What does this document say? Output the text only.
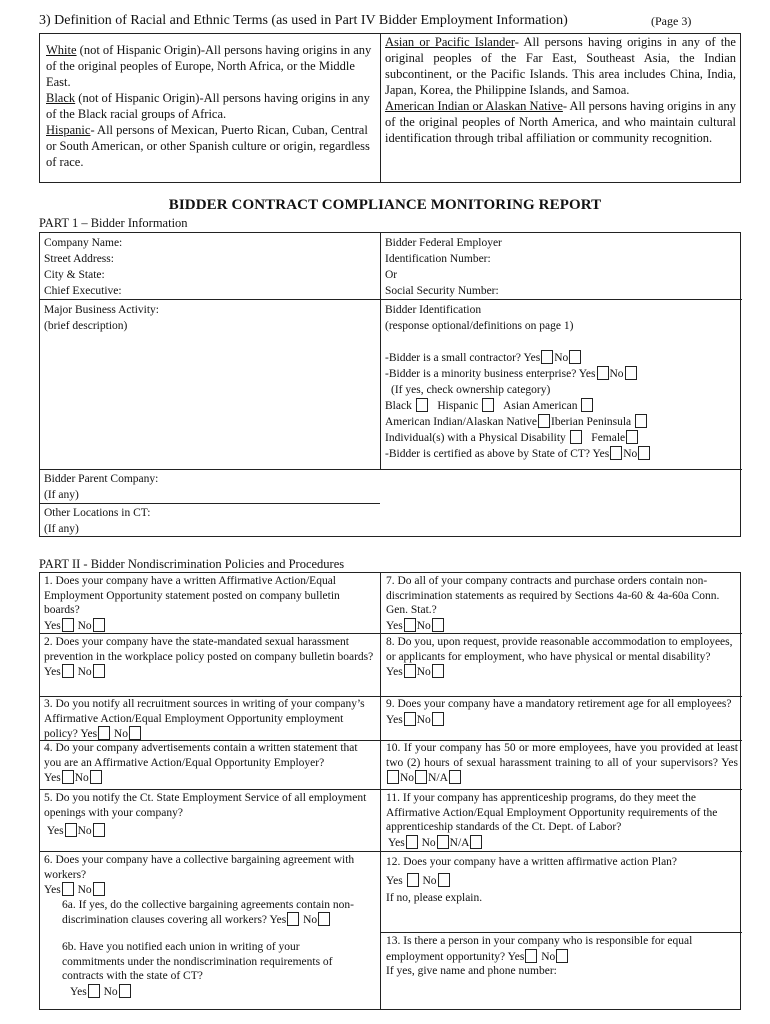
3) Definition of Racial and Ethnic Terms (as used in Part IV Bidder Employment Information)	(Page 3)

White (not of Hispanic Origin)-All persons having origins in any of the original peoples of Europe, North Africa, or the Middle East.

Black (not of Hispanic Origin)-All persons having origins in any of the Black racial groups of Africa.

Hispanic- All persons of Mexican, Puerto Rican, Cuban, Central or South American, or other Spanish culture or origin, regardless of race.

Asian or Pacific Islander- All persons having origins in any of the original peoples of the Far East, Southeast Asia, the Indian subcontinent, or the Pacific Islands. This area includes China, India, Japan, Korea, the Philippine Islands, and Samoa.

American Indian or Alaskan Native- All persons having origins in any of the original peoples of North America, and who maintain cultural identification through tribal affiliation or community recognition.

BIDDER CONTRACT COMPLIANCE MONITORING REPORT
PART 1 – Bidder Information
Company Name:
Street Address:
City & State:
Chief Executive:
Bidder Federal Employer
Identification Number:
Or
Social Security Number:
Major Business Activity:
(brief description)
Bidder Identification
(response optional/definitions on page 1)
-Bidder is a small contractor? Yes No
-Bidder is a minority business enterprise? Yes No
(If yes, check ownership category)
Black Hispanic Asian American
American Indian/Alaskan Native Iberian Peninsula
Individual(s) with a Physical Disability Female
-Bidder is certified as above by State of CT? Yes No
Bidder Parent Company:
(If any)
Other Locations in CT:
(If any)
PART II - Bidder Nondiscrimination Policies and Procedures

1. Does your company have a written Affirmative Action/Equal Employment Opportunity statement posted on company bulletin boards?

Yes No

2. Does your company have the state-mandated sexual harassment prevention in the workplace policy posted on company bulletin boards?

Yes No

3. Do you notify all recruitment sources in writing of your company’s Affirmative Action/Equal Employment Opportunity employment policy? Yes No

4. Do your company advertisements contain a written statement that you are an Affirmative Action/Equal Opportunity Employer?

Yes No

5. Do you notify the Ct. State Employment Service of all employment openings with your company?

Yes No

6. Does your company have a collective bargaining agreement with workers?

Yes No

6a. If yes, do the collective bargaining agreements contain non-discrimination clauses covering all workers? Yes No

6b. Have you notified each union in writing of your commitments under the nondiscrimination requirements of contracts with the state of CT?

Yes No

7. Do all of your company contracts and purchase orders contain non-discrimination statements as required by Sections 4a-60 & 4a-60a Conn. Gen. Stat.?

Yes No

8. Do you, upon request, provide reasonable accommodation to employees, or applicants for employment, who have physical or mental disability?

Yes No

9. Does your company have a mandatory retirement age for all employees?

Yes No

10. If your company has 50 or more employees, have you provided at least two (2) hours of sexual harassment training to all of your supervisors? YesNo N/A

11. If your company has apprenticeship programs, do they meet the Affirmative Action/Equal Employment Opportunity requirements of the apprenticeship standards of the Ct. Dept. of Labor?

Yes No N/A

12. Does your company have a written affirmative action Plan?

Yes No

If no, please explain.

13. Is there a person in your company who is responsible for equal employment opportunity? Yes No

If yes, give name and phone number:
